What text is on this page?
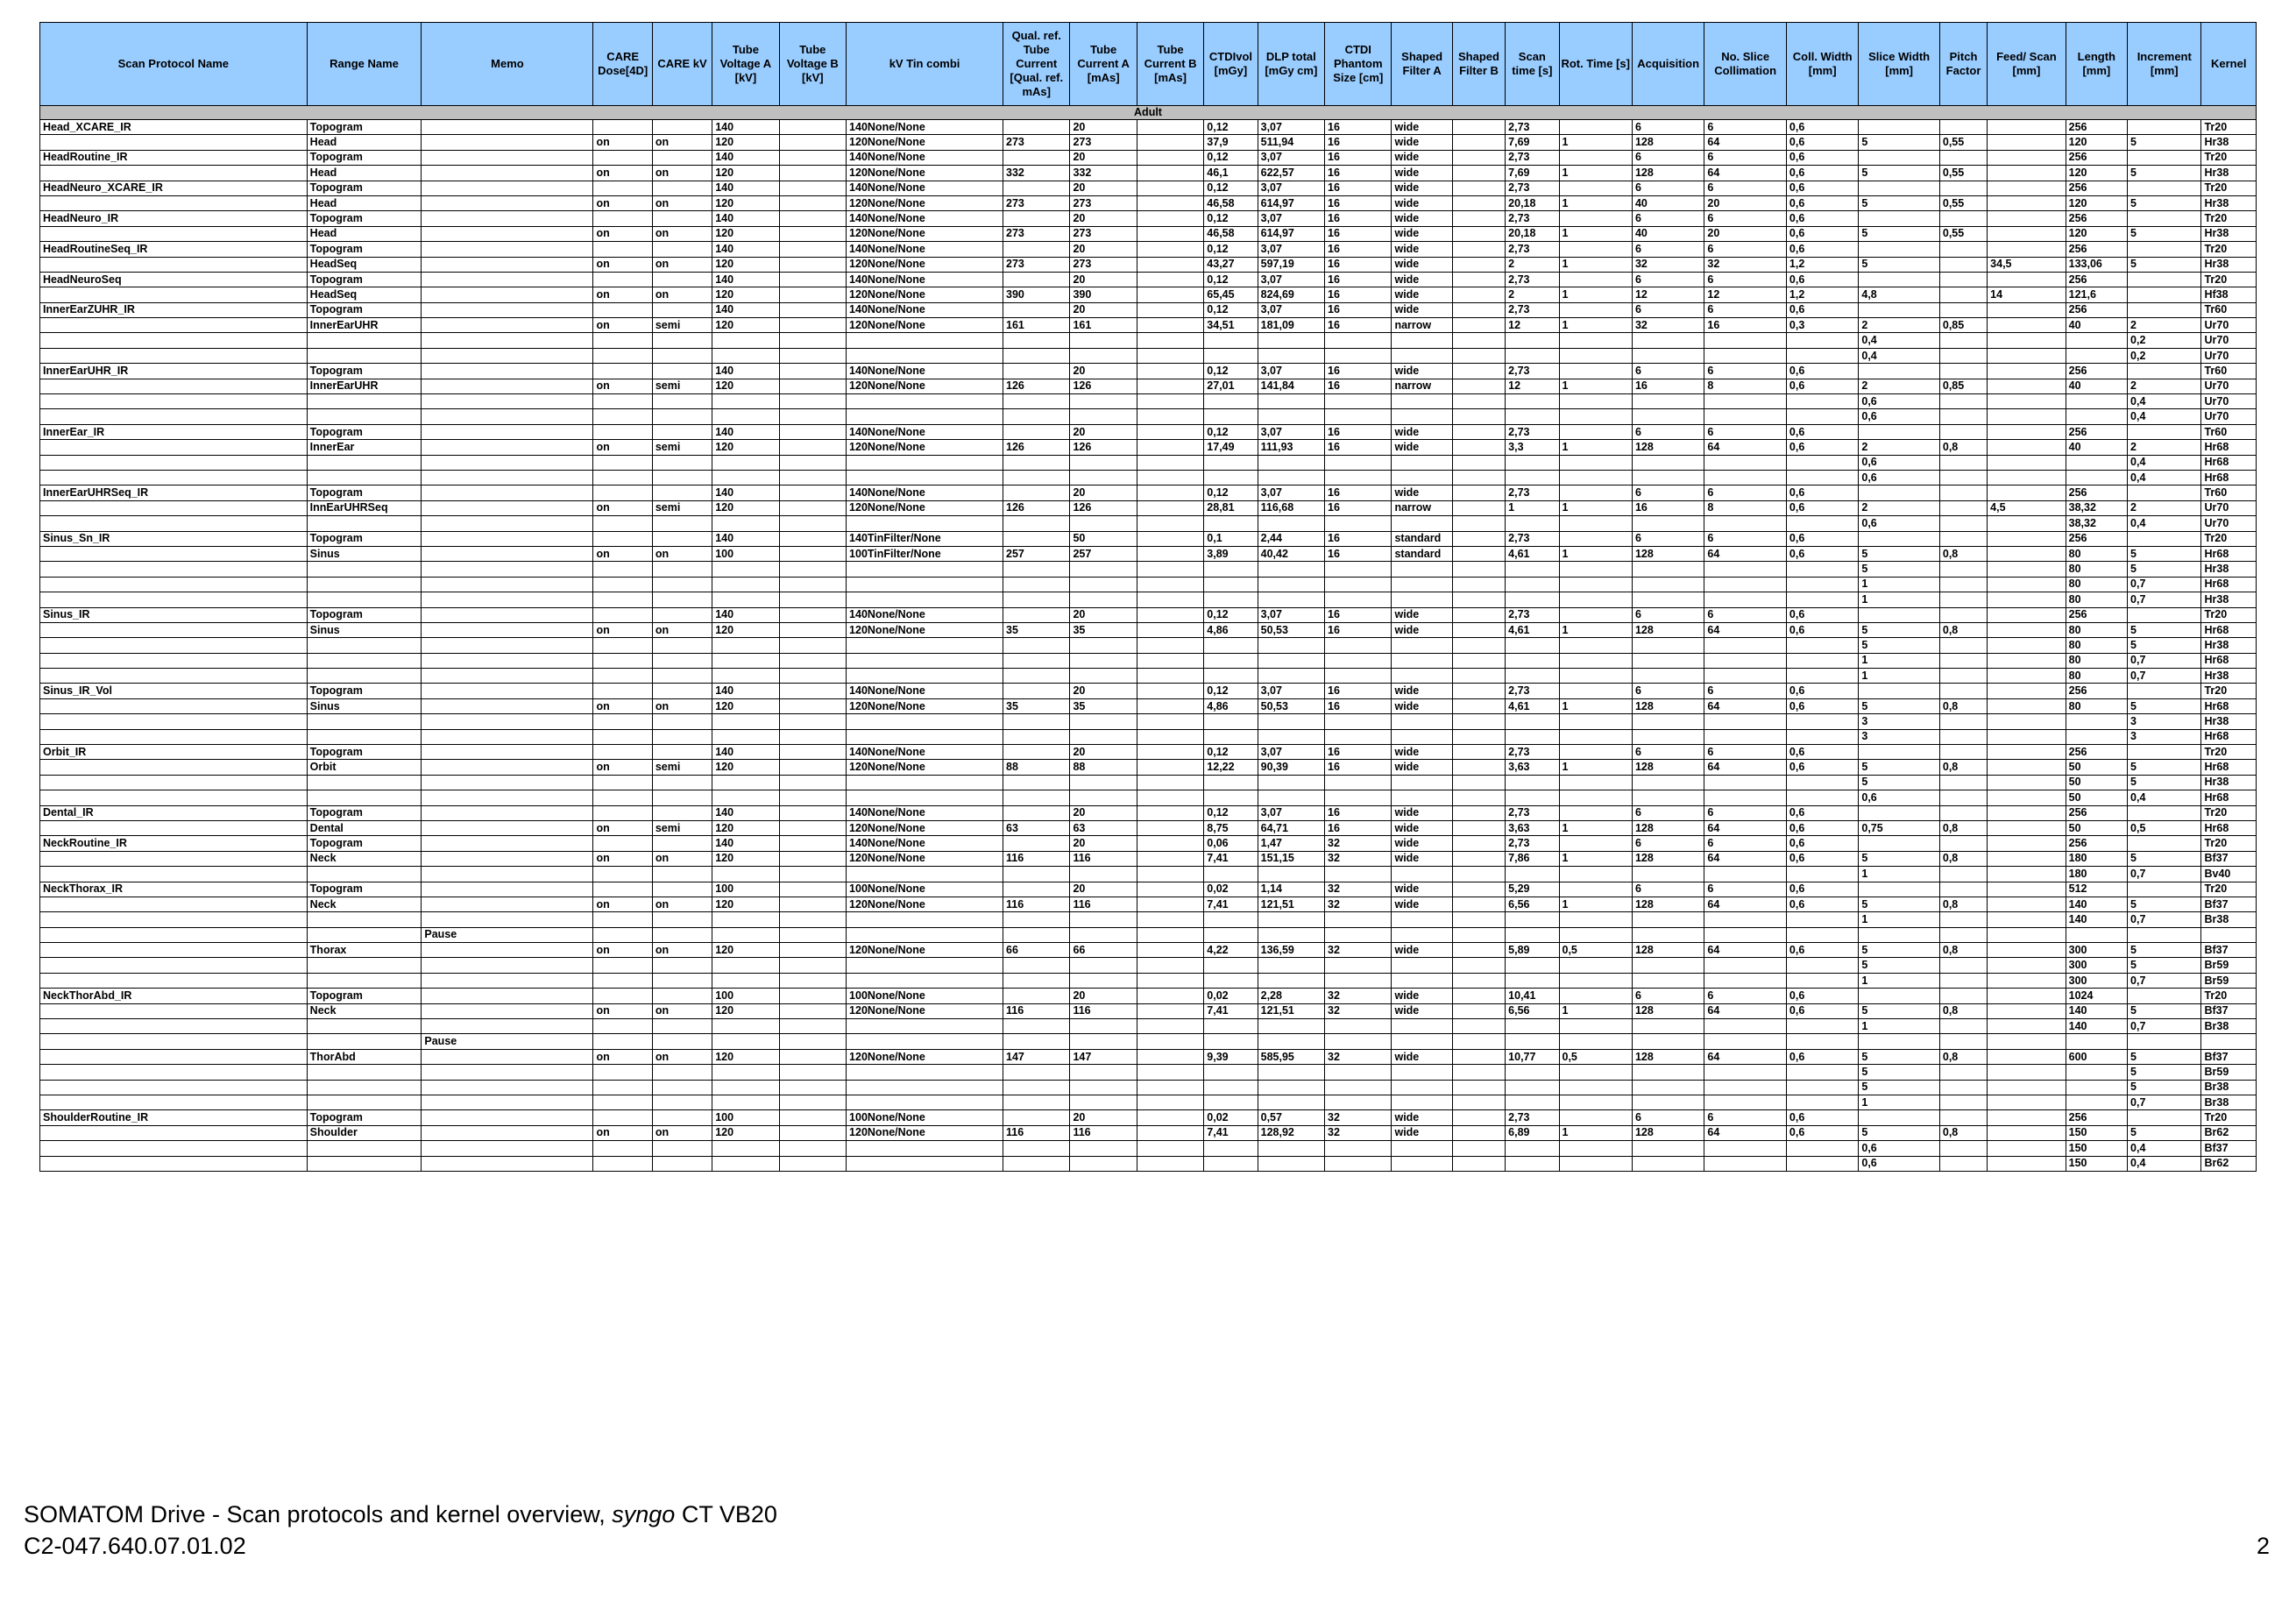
Scan Protocol Name	Range Name	Memo	CARE Dose[4D]	CARE kV	Tube Voltage A [kV]	Tube Voltage B [kV]	kV Tin combi	Qual. ref. Tube Current [Qual. ref. mAs]	Tube Current A [mAs]	Tube Current B [mAs]	CTDIvol [mGy]	DLP total [mGy cm]	CTDI Phantom Size [cm]	Shaped Filter A	Shaped Filter B	Scan time [s]	Rot. Time [s]	Acquisition	No. Slice Collimation	Coll. Width [mm]	Slice Width [mm]	Pitch Factor	Feed/ Scan [mm]	Length [mm]	Increment [mm]	Kernel
Adult																										
Head_XCARE_IR	Topogram				140		140None/None		20		0,12	3,07	16	wide		2,73		6	6	0,6				256		Tr20
	Head		on	on	120		120None/None	273	273		37,9	511,94	16	wide		7,69	1	128	64	0,6	5	0,55		120	5	Hr38
HeadRoutine_IR	Topogram				140		140None/None		20		0,12	3,07	16	wide		2,73		6	6	0,6				256		Tr20
	Head		on	on	120		120None/None	332	332		46,1	622,57	16	wide		7,69	1	128	64	0,6	5	0,55		120	5	Hr38
HeadNeuro_XCARE_IR	Topogram				140		140None/None		20		0,12	3,07	16	wide		2,73		6	6	0,6				256		Tr20
	Head		on	on	120		120None/None	273	273		46,58	614,97	16	wide		20,18	1	40	20	0,6	5	0,55		120	5	Hr38
HeadNeuro_IR	Topogram				140		140None/None		20		0,12	3,07	16	wide		2,73		6	6	0,6				256		Tr20
	Head		on	on	120		120None/None	273	273		46,58	614,97	16	wide		20,18	1	40	20	0,6	5	0,55		120	5	Hr38
HeadRoutineSeq_IR	Topogram				140		140None/None		20		0,12	3,07	16	wide		2,73		6	6	0,6				256		Tr20
	HeadSeq		on	on	120		120None/None	273	273		43,27	597,19	16	wide		2	1	32	32	1,2	5		34,5	133,06	5	Hr38
HeadNeuroSeq	Topogram				140		140None/None		20		0,12	3,07	16	wide		2,73		6	6	0,6				256		Tr20
	HeadSeq		on	on	120		120None/None	390	390		65,45	824,69	16	wide		2	1	12	12	1,2	4,8		14	121,6		Hf38
InnerEarZUHR_IR	Topogram				140		140None/None		20		0,12	3,07	16	wide		2,73		6	6	0,6				256		Tr60
	InnerEarUHR		on	semi	120		120None/None	161	161		34,51	181,09	16	narrow		12	1	32	16	0,3	2	0,85		40	2	Ur70
																					0,4				0,2	Ur70
																					0,4				0,2	Ur70
InnerEarUHR_IR	Topogram				140		140None/None		20		0,12	3,07	16	wide		2,73		6	6	0,6				256		Tr60
	InnerEarUHR		on	semi	120		120None/None	126	126		27,01	141,84	16	narrow		12	1	16	8	0,6	2	0,85		40	2	Ur70
																					0,6				0,4	Ur70
																					0,6				0,4	Ur70
InnerEar_IR	Topogram				140		140None/None		20		0,12	3,07	16	wide		2,73		6	6	0,6				256		Tr60
	InnerEar		on	semi	120		120None/None	126	126		17,49	111,93	16	wide		3,3	1	128	64	0,6	2	0,8		40	2	Hr68
																					0,6				0,4	Hr68
																					0,6				0,4	Hr68
InnerEarUHRSeq_IR	Topogram				140		140None/None		20		0,12	3,07	16	wide		2,73		6	6	0,6				256		Tr60
	InnEarUHRSeq		on	semi	120		120None/None	126	126		28,81	116,68	16	narrow		1	1	16	8	0,6	2		4,5	38,32	2	Ur70
																					0,6			38,32	0,4	Ur70
Sinus_Sn_IR	Topogram				140		140TinFilter/None		50		0,1	2,44	16	standard		2,73		6	6	0,6				256		Tr20
	Sinus		on	on	100		100TinFilter/None	257	257		3,89	40,42	16	standard		4,61	1	128	64	0,6	5	0,8		80	5	Hr68
																					5			80	5	Hr38
																					1			80	0,7	Hr68
																					1			80	0,7	Hr38
Sinus_IR	Topogram				140		140None/None		20		0,12	3,07	16	wide		2,73		6	6	0,6				256		Tr20
	Sinus		on	on	120		120None/None	35	35		4,86	50,53	16	wide		4,61	1	128	64	0,6	5	0,8		80	5	Hr68
																					5			80	5	Hr38
																					1			80	0,7	Hr68
																					1			80	0,7	Hr38
Sinus_IR_Vol	Topogram				140		140None/None		20		0,12	3,07	16	wide		2,73		6	6	0,6				256		Tr20
	Sinus		on	on	120		120None/None	35	35		4,86	50,53	16	wide		4,61	1	128	64	0,6	5	0,8		80	5	Hr68
																					3				3	Hr38
																					3				3	Hr68
Orbit_IR	Topogram				140		140None/None		20		0,12	3,07	16	wide		2,73		6	6	0,6				256		Tr20
	Orbit		on	semi	120		120None/None	88	88		12,22	90,39	16	wide		3,63	1	128	64	0,6	5	0,8		50	5	Hr68
																					5			50	5	Hr38
																					0,6			50	0,4	Hr68
Dental_IR	Topogram				140		140None/None		20		0,12	3,07	16	wide		2,73		6	6	0,6				256		Tr20
	Dental		on	semi	120		120None/None	63	63		8,75	64,71	16	wide		3,63	1	128	64	0,6	0,75	0,8		50	0,5	Hr68
NeckRoutine_IR	Topogram				140		140None/None		20		0,06	1,47	32	wide		2,73		6	6	0,6				256		Tr20
	Neck		on	on	120		120None/None	116	116		7,41	151,15	32	wide		7,86	1	128	64	0,6	5	0,8		180	5	Bf37
																					1			180	0,7	Bv40
NeckThorax_IR	Topogram				100		100None/None		20		0,02	1,14	32	wide		5,29		6	6	0,6				512		Tr20
	Neck		on	on	120		120None/None	116	116		7,41	121,51	32	wide		6,56	1	128	64	0,6	5	0,8		140	5	Bf37
																					1			140	0,7	Br38
		Pause																								
	Thorax		on	on	120		120None/None	66	66		4,22	136,59	32	wide		5,89	0,5	128	64	0,6	5	0,8		300	5	Bf37
																					5			300	5	Br59
																					1			300	0,7	Br59
NeckThorAbd_IR	Topogram				100		100None/None		20		0,02	2,28	32	wide		10,41		6	6	0,6				1024		Tr20
	Neck		on	on	120		120None/None	116	116		7,41	121,51	32	wide		6,56	1	128	64	0,6	5	0,8		140	5	Bf37
																					1			140	0,7	Br38
		Pause																								
	ThorAbd		on	on	120		120None/None	147	147		9,39	585,95	32	wide		10,77	0,5	128	64	0,6	5	0,8		600	5	Bf37
																					5				5	Br59
																					5				5	Br38
																					1				0,7	Br38
ShoulderRoutine_IR	Topogram				100		100None/None		20		0,02	0,57	32	wide		2,73		6	6	0,6				256		Tr20
	Shoulder		on	on	120		120None/None	116	116		7,41	128,92	32	wide		6,89	1	128	64	0,6	5	0,8		150	5	Br62
																					0,6			150	0,4	Bf37
																					0,6			150	0,4	Br62
SOMATOM Drive - Scan protocols and kernel overview, syngo CT VB20
C2-047.640.07.01.02	2
